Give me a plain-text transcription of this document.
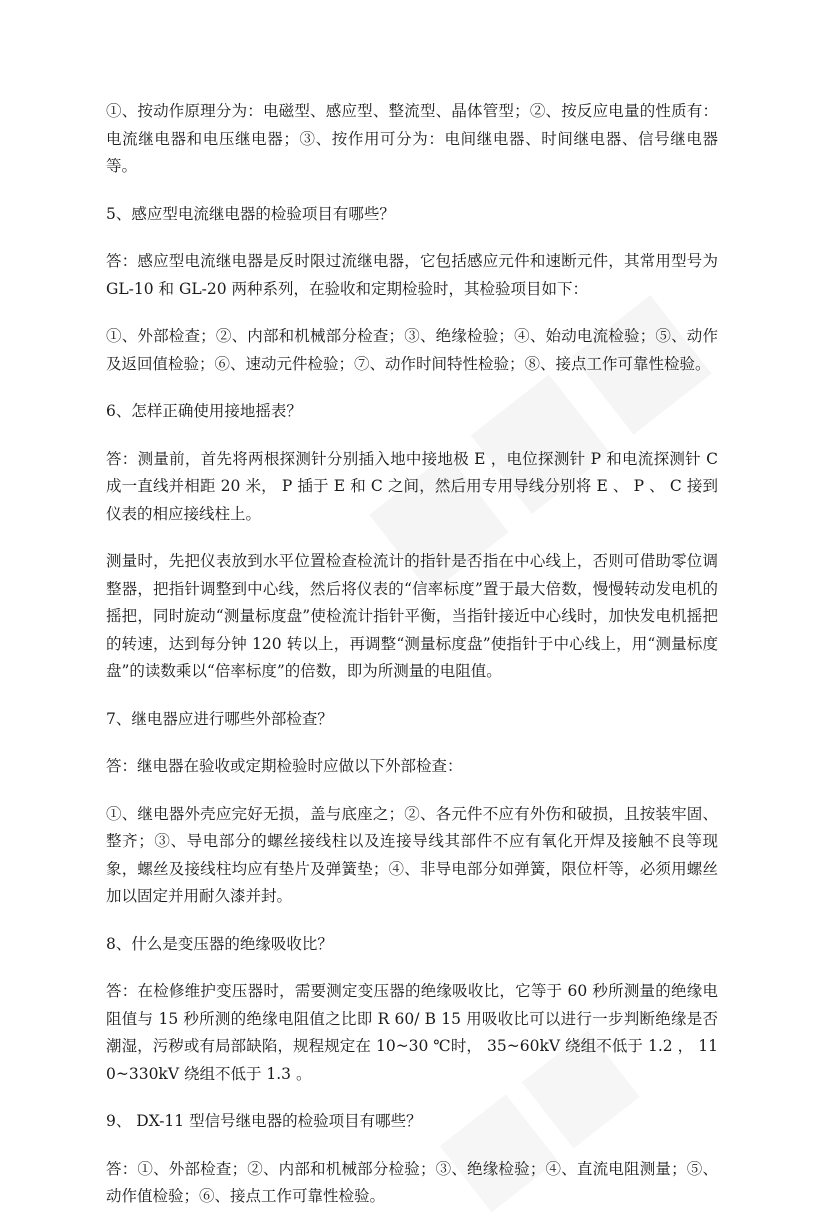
①、按动作原理分为：电磁型、感应型、整流型、晶体管型；②、按反应电量的性质有：电流继电器和电压继电器；③、按作用可分为：电间继电器、时间继电器、信号继电器等。

5、感应型电流继电器的检验项目有哪些？

答：感应型电流继电器是反时限过流继电器，它包括感应元件和速断元件，其常用型号为 GL-10 和 GL-20 两种系列，在验收和定期检验时，其检验项目如下：

①、外部检查；②、内部和机械部分检查；③、绝缘检验；④、始动电流检验；⑤、动作及返回值检验；⑥、速动元件检验；⑦、动作时间特性检验；⑧、接点工作可靠性检验。

6、怎样正确使用接地摇表？

答：测量前，首先将两根探测针分别插入地中接地极 E ，电位探测针 P 和电流探测针 C 成一直线并相距 20 米， P 插于 E 和 C 之间，然后用专用导线分别将 E 、 P 、 C 接到仪表的相应接线柱上。

测量时，先把仪表放到水平位置检查检流计的指针是否指在中心线上，否则可借助零位调整器，把指针调整到中心线，然后将仪表的“信率标度”置于最大倍数，慢慢转动发电机的摇把，同时旋动“测量标度盘”使检流计指针平衡，当指针接近中心线时，加快发电机摇把的转速，达到每分钟 120 转以上，再调整“测量标度盘”使指针于中心线上，用“测量标度盘”的读数乘以“倍率标度”的倍数，即为所测量的电阻值。

7、继电器应进行哪些外部检查？

答：继电器在验收或定期检验时应做以下外部检查：

①、继电器外壳应完好无损，盖与底座之；②、各元件不应有外伤和破损，且按装牢固、整齐；③、导电部分的螺丝接线柱以及连接导线其部件不应有氧化开焊及接触不良等现象，螺丝及接线柱均应有垫片及弹簧垫；④、非导电部分如弹簧，限位杆等，必须用螺丝加以固定并用耐久漆并封。

8、什么是变压器的绝缘吸收比？

答：在检修维护变压器时，需要测定变压器的绝缘吸收比，它等于 60 秒所测量的绝缘电阻值与 15 秒所测的绝缘电阻值之比即 R 60/ B 15 用吸收比可以进行一步判断绝缘是否潮湿，污秽或有局部缺陷，规程规定在 10~30 ℃时， 35~60kV 绕组不低于 1.2 ， 110~330kV 绕组不低于 1.3 。

9、 DX-11 型信号继电器的检验项目有哪些？

答：①、外部检查；②、内部和机械部分检验；③、绝缘检验；④、直流电阻测量；⑤、动作值检验；⑥、接点工作可靠性检验。
